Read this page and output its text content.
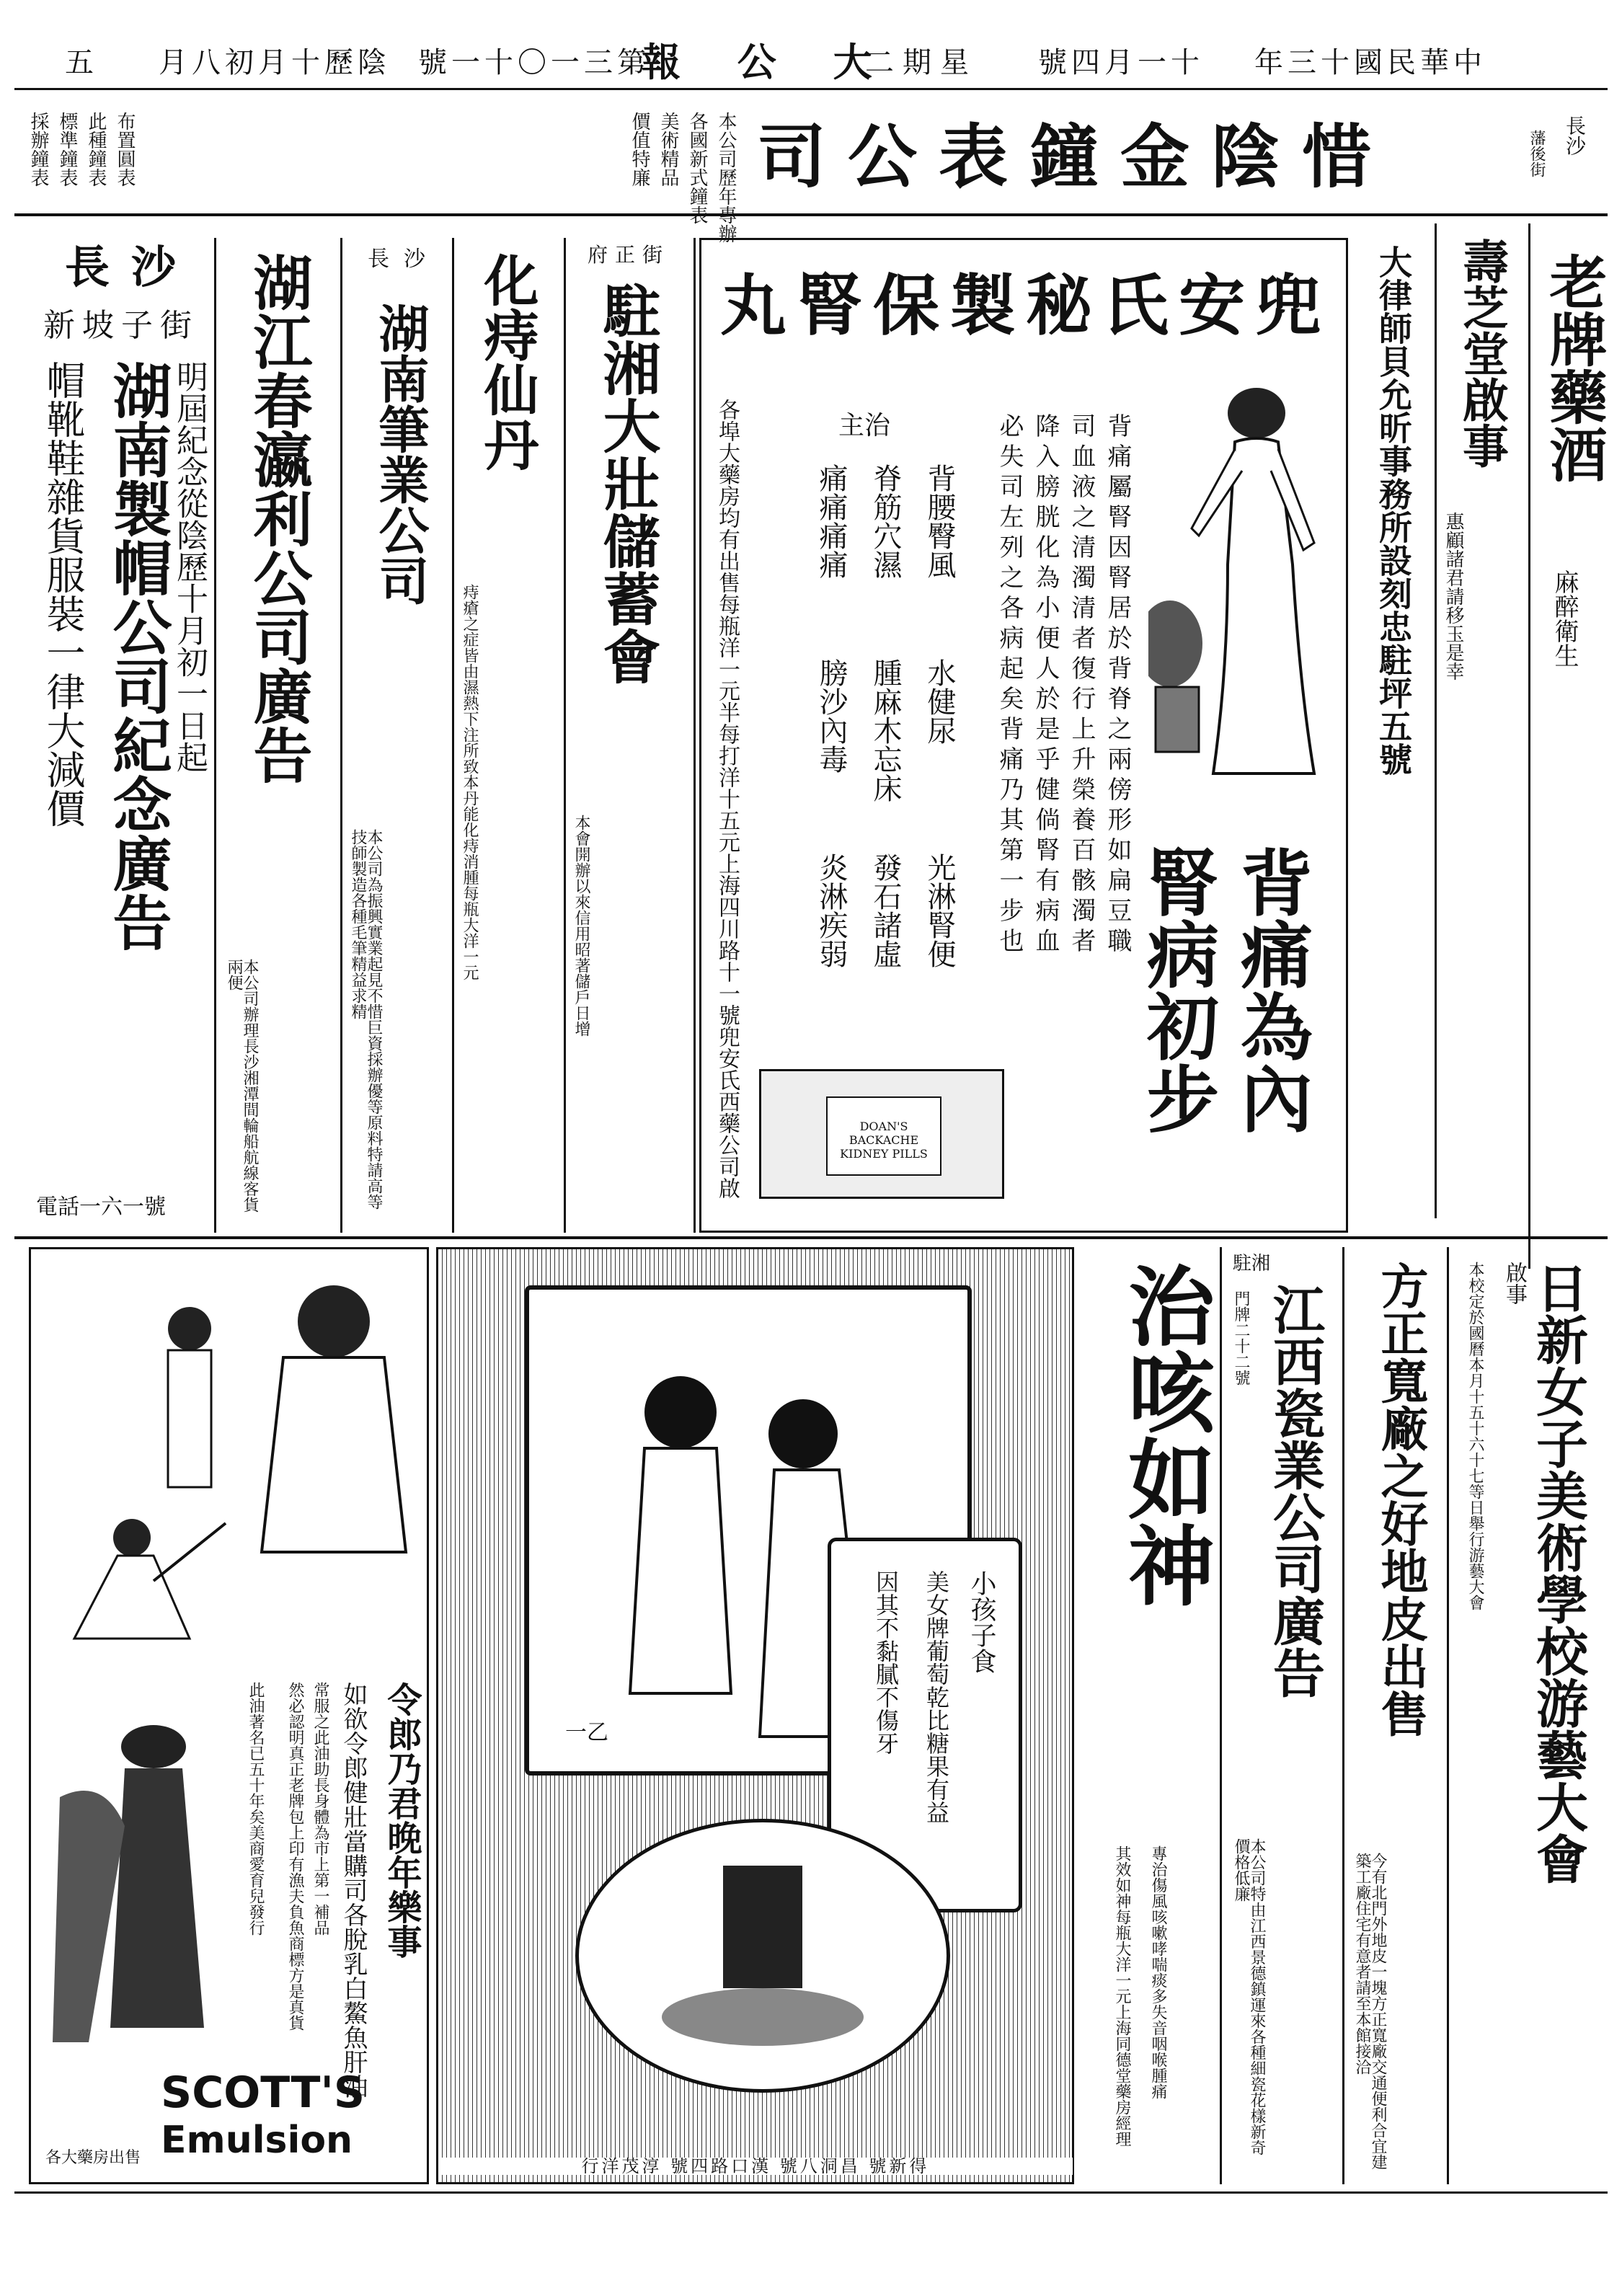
五 月八初月十歷陰 號一十〇一三第
報 公 大
二期星 號四月一十 年三十國民華中
長沙
藩後街
司公表鐘金陰惜
本公司歷年專辦
各國新式鐘表
美術精品
價值特廉
採辦鐘表 標準鐘表 此種鐘表 布置圓表
老牌藥酒
麻醉衛生
壽芝堂啟事
惠顧諸君請移玉是幸
大律師貝允昕事務所設刻忠駐坪五號
丸腎保製秘氏安兜
背痛為內
腎病初步
背痛屬腎因腎居於背脊之兩傍形如扁豆職
司血液之清濁清者復行上升榮養百骸濁者
降入膀胱化為小便人於是乎健倘腎有病血
必失司左列之各病起矣背痛乃其第一步也
主治
背腰臀風
脊筋穴濕
痛痛痛痛
水健尿
腫麻木忘床
膀沙內毒
光淋腎便
發石諸虛
炎淋疾弱
各埠大藥房均有出售每瓶洋一元半每打洋十五元上海四川路十一號兜安氏西藥公司啟	DOAN'S BACKACHE KIDNEY PILLS
長沙
新坡子街
湖南製帽公司紀念廣告
明屆紀念從陰歷十月初一日起
帽靴鞋雜貨服裝一律大減價
電話一六一號
湖江春瀛利公司廣告
本公司辦理長沙湘潭間輪船航線客貨兩便
長沙
湖南筆業公司
本公司為振興實業起見不惜巨資採辦優等原料特請高等技師製造各種毛筆精益求精
化痔仙丹
痔瘡之症皆由濕熱下注所致本丹能化痔消腫每瓶大洋一元
府正街
駐湘大壯儲蓄會
本會開辦以來信用昭著儲戶日增
令郎乃君晚年樂事
如欲令郎健壯當購司各脫乳白鰲魚肝油
常服之此油助長身體為市上第一補品
然必認明真正老牌包上印有漁夫負魚商標方是真貨
此油著名已五十年矣美商愛育兒發行
SCOTT'S
Emulsion
各大藥房出售
一乙
小孩子食
美女牌葡萄乾比糖果有益
因其不黏膩不傷牙
行洋茂淳 號四路口漢 號八洞昌 號新得
治咳如神
專治傷風咳嗽哮喘痰多失音咽喉腫痛
其效如神每瓶大洋一元上海同德堂藥房經理
駐湘
江西瓷業公司廣告
門牌二十二號
本公司特由江西景德鎮運來各種細瓷花樣新奇價格低廉
方正寬廠之好地皮出售
今有北門外地皮一塊方正寬廠交通便利合宜建築工廠住宅有意者請至本館接洽
日新女子美術學校游藝大會
啟事
本校定於國曆本月十五十六十七等日舉行游藝大會
